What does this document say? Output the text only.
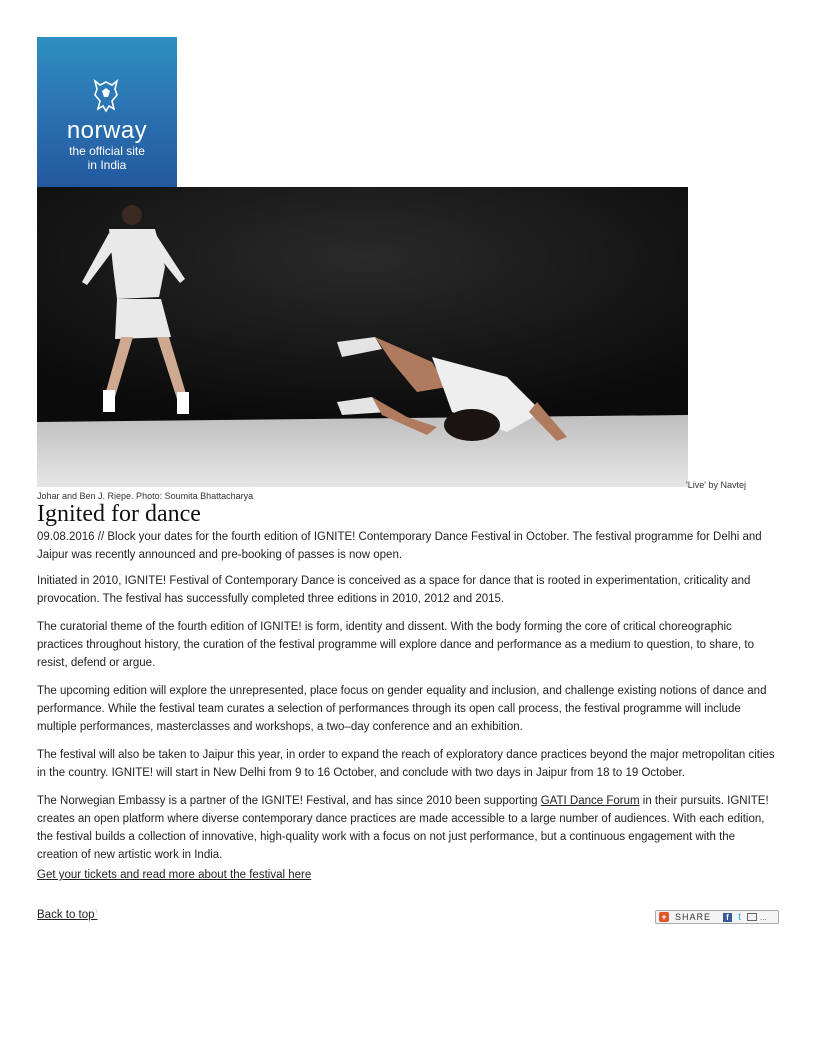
norway
the official site
in India
'Live' by Navtej
Johar and Ben J. Riepe. Photo: Soumita Bhattacharya
Ignited for dance

09.08.2016 // Block your dates for the fourth edition of IGNITE! Contemporary Dance Festival in October. The festival programme for Delhi and Jaipur was recently announced and pre-booking of passes is now open.

Initiated in 2010, IGNITE! Festival of Contemporary Dance is conceived as a space for dance that is rooted in experimentation, criticality and provocation. The festival has successfully completed three editions in 2010, 2012 and 2015.

The curatorial theme of the fourth edition of IGNITE! is form, identity and dissent. With the body forming the core of critical choreographic practices throughout history, the curation of the festival programme will explore dance and performance as a medium to question, to share, to resist, defend or argue.

The upcoming edition will explore the unrepresented, place focus on gender equality and inclusion, and challenge existing notions of dance and performance. While the festival team curates a selection of performances through its open call process, the festival programme will include multiple performances, masterclasses and workshops, a two–day conference and an exhibition.

The festival will also be taken to Jaipur this year, in order to expand the reach of exploratory dance practices beyond the major metropolitan cities in the country. IGNITE! will start in New Delhi from 9 to 16 October, and conclude with two days in Jaipur from 18 to 19 October.

The Norwegian Embassy is a partner of the IGNITE! Festival, and has since 2010 been supporting GATI Dance Forum in their pursuits. IGNITE! creates an open platform where diverse contemporary dance practices are made accessible to a large number of audiences. With each edition, the festival builds a collection of innovative, high-quality work with a focus on not just performance, but a continuous engagement with the creation of new artistic work in India.

Get your tickets and read more about the festival here
Back to top↑	+ SHARE	f t	...
